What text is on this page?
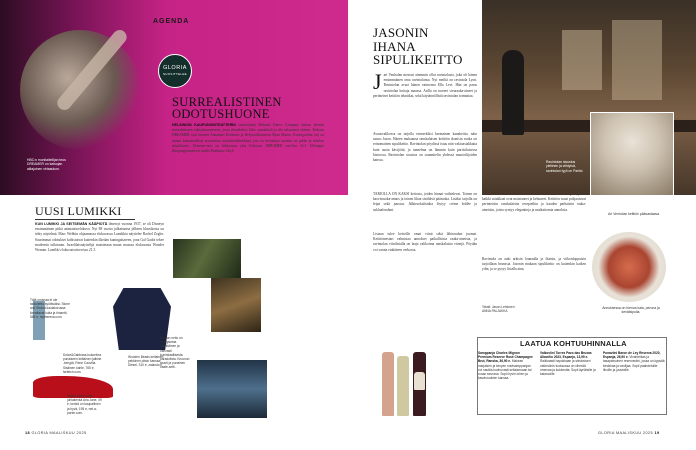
AGENDA
GLORIA
SUOSITTELEE
HBC:n monitaiteilijan teos DREAMER on katsojan alitajuinen virtaaukon.
SURREALISTINEN ODOTUSHUONE
HELSINGIN KAUPUNGINTEATTERIN tanssiryhmä Helsinki Dance Company kutsuu yleisön surrealistiseen odotushuoneeseen, jossa ihmiskehot, liike, muotikieli ja tila sulautuvat yhteen. Teoksen DREAMER ovat luoneet Annamari Keskinen ja Helynvalkotaiteen Ryan Mason. Koreografina (nr) on saanut kansainvälisiä arvostuttua näyttämötekniikkaa, jota on inventtaja tuotettu on pikku ja tehokas näyttökuvio. Dreamer-teos on liikkuvuus yksi Eriksson. DREAMER ensi-ilta 16.3. Helsingin Kaupunginteatterin studio Pasilassa. hkt.fi.
UUSI LUMIKKI
KUN LUMIKKI JA SEITSEMÄN KÄÄPIÖTÄ ilmestyi vuonna 1937, se oli Disneyn ensimmäinen pitkä animaatioelokuva. Nyt 88 vuotta julkaisunsa jälkeen klassikosta on tehty näytelmä. Marc Webbin ohjaamassa elokuvassa Lumikkia näyttelee Rachel Zegler. Suurimmat odotukset kohistuivat kuitenkin ilkeään kuningattareen, jona Gal Gadot tekee modernin tulkinnan. Israelilaisnäyttelijä muistetaan muun muassa elokuvasta Wonder Woman. Lumikki elokuvateattereissa 21.3.
Tätä omenaa ei ole tarkoitettu syötäväksi. Stone and Strand-kaulakorussa kimaltavat kulta ja timantti, 565 e, mytheresa.com.
Wooden Beads keltainen pekkinen pitsin kanssa, Diesel, 310 e, zalando.fi
Dolce&Gabbana-kokoelma punaiseen keltainen jalkine -kengät, Rene Caovilla. Sisäinen kahle, 765 e, farfetch.com.
Aspley Mary Jane -juhlakenkä Aria Jane, 49 e, kenkä on kaupallinen ja hyvä, 195 e, net-a-porter.com.
Mustan neito on maagisesta päivittäinen ja vahvasti kuninkaallisesta paradolista. Kruunun muoti ja punainen vaate-setti.
JASONIN IHANA SIPULIKEITTO
J ari Venholan mestari aiemmin ollut ravintolasta, joka oli hänen ensimmäinen oma ravintolansa. Nyt meiltä on ravintola Lyon. Ravintolan avasi hänen vaimonsa Ella Levi. Hän on paras ravintolan hoitaja maassa. Arilla on tuoreet sivuraaka-aineet ja perinteiset keittiön tekniikat, sekä käytännöllistä ravintolan toimintaa.
Avausvalikossa on tarjolla esimerkiksi kermainen kanakeitto, näin sanoo Jason. Hänen mukaansa ranskalaisen keittiön ikonisin ruoka on erinomainen sipulikeitto. Ravintolan pöydissä istuu niin vakioasiakkaita kuin uusia kävijöitä, ja tunnelma on lämmin kuin pariisilaisessa bistrossa. Ravintolan sisustus on suunniteltu yhdessä muotoilijoiden kanssa.
TARJOLLA ON KAKSI keitosta, joiden hinnat vaihtelevat. Toinen on kasvisruoka-annos ja toinen lihaa sisältävä pääruoka. Lisäksi tarjolla on leipä sekä juustoa. Jälkiruokalistalta löytyy crème brûlée ja suklaafondant.
Listaan tulee keitoille omat viinit sekä lähiseudun juomat. Keittiömestari valmistaa annokset paikallisista raaka-aineista, ja ravintolan viinilistalla on laaja valikoima ranskalaisia viinejä. Pöydän voi varata etukäteen verkossa.
kaikki asiakkaat ovat maistaneet ja kehuneet. Keittiön ruoat pohjautuvat perinteisiin ranskalaisiin resepteihin ja kauden parhaisiin raaka-aineisiin, joista syntyy elegantteja ja mutkattomia annoksia.
Ravintola on auki arkisin lounaalla ja iltaisin, ja viikonloppuisin tarjoillaan brunssia. Jasonin mukaan sipulikeitto on kuitenkin kaiken ydin, ja se pysyy listalla aina.
Teksti: Jason Lehtonen
ANNA PALJAKKA
Ravintolan sisustus ylellinen ja viihtyisä, ravintolan tyyli on Pariisi.
Ari Venholan keittiön päävastaava.
Annoksessa on hienoa kala, peruna ja kevätsipulia.
LAATUA KOHTUUHINNALLA
Samppanja Charles Mignon Premium Reserve Rosé Champagne Brut, Ranska, 36,90 e. Makean marjaisen ja kevyen rosésamppanjan voi nauttia kuohuvasti sellaisenaan tai ruoan seurana. Sopii hyvin lohen ja kasvisruokien kanssa.
Valkoviini Torres Pazo das Bruxas Albariño 2023, Espanja, 13,99 e. Raikkaasti hapokkaan ja sitruksisen valkoviinin tuoksussa on vihreää omenaa ja kukkeutta. Sopii äyriäisille ja kalaruoille.
Punaviini Baron de Ley Reserva 2020, Espanja, 26,90 e. Vivahteikas ja tasapainoinen reservaviini, jossa on kypsää kirsikkaa ja vaniljaa. Sopii paahdetuille lihoille ja juustoille.
18 GLORIA MAALISKUU 2025	GLORIA MAALISKUU 2025 19
